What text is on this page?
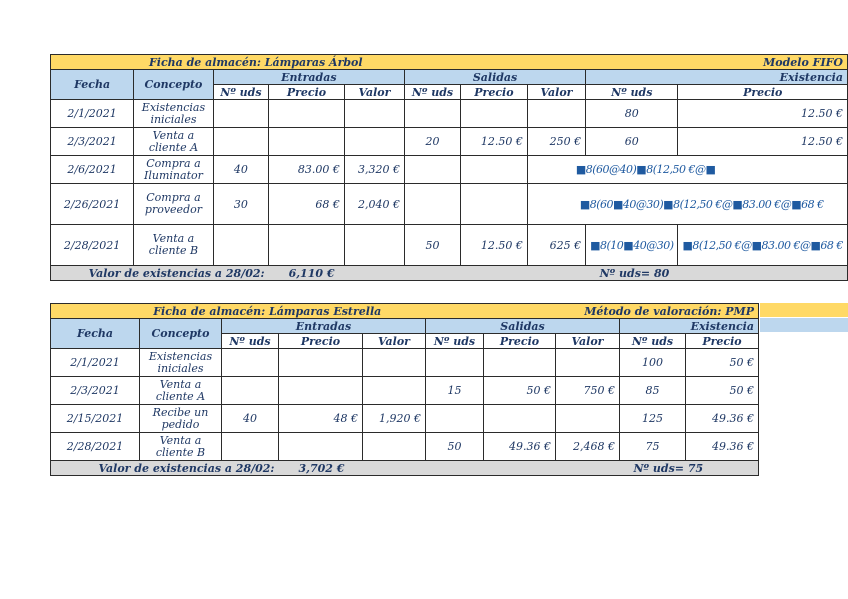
Ficha de almacén: Lámparas Árbol						Modelo FIFO			
Fecha	Concepto	Entradas			Salidas			Existencia	
		Nº uds	Precio	Valor	Nº uds	Precio	Valor	Nº uds	Precio
2/1/2021	Existencias iniciales							80	12.50 €
2/3/2021	Venta a cliente A				20	12.50 €	250 €	60	12.50 €
2/6/2021	Compra a Iluminator	40	83.00 €	3,320 €			■8(60@40)■8(12,50 €@■		
2/26/2021	Compra a proveedor	30	68 €	2,040 €			■8(60■40@30)■8(12,50 €@■83.00 €@■68 €		
2/28/2021	Venta a cliente B				50	12.50 €	625 €	■8(10■40@30)	■8(12,50 €@■83.00 €@■68 €
Valor de existencias a 28/02:			6,110 €					Nº uds= 80	
Ficha de almacén: Lámparas Estrella						Método de valoración: PMP			
Fecha	Concepto	Entradas			Salidas			Existencia	
		Nº uds	Precio	Valor	Nº uds	Precio	Valor	Nº uds	Precio
2/1/2021	Existencias iniciales							100	50 €
2/3/2021	Venta a cliente A				15	50 €	750 €	85	50 €
2/15/2021	Recibe un pedido	40	48 €	1,920 €				125	49.36 €
2/28/2021	Venta a cliente B				50	49.36 €	2,468 €	75	49.36 €
Valor de existencias a 28/02:			3,702 €					Nº uds= 75	
